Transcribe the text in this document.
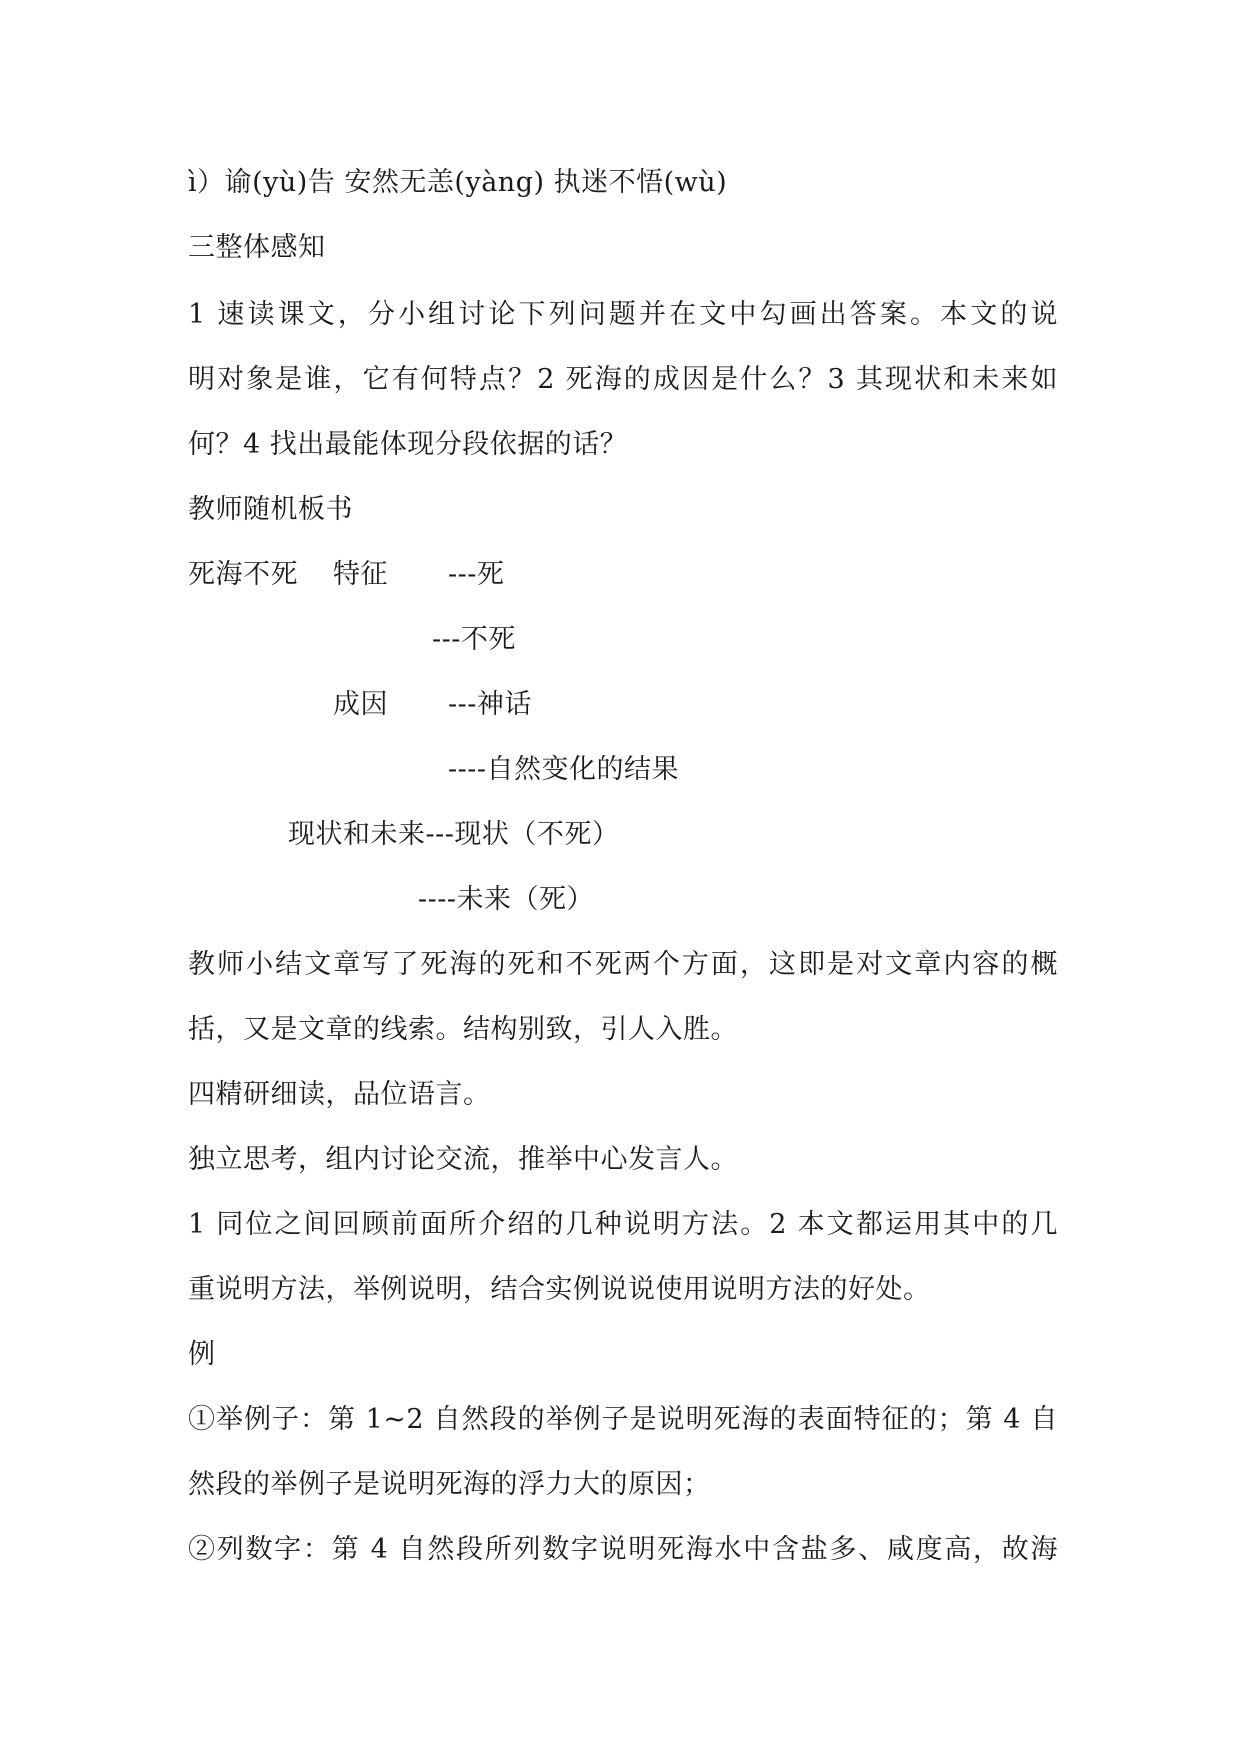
ì）谕(yù)告 安然无恙(yàng) 执迷不悟(wù)
三整体感知
1 速读课文，分小组讨论下列问题并在文中勾画出答案。本文的说
明对象是谁，它有何特点？2 死海的成因是什么？3 其现状和未来如
何？4 找出最能体现分段依据的话？
教师随机板书
死海不死 特征 ---死
---不死
成因 ---神话
----自然变化的结果
现状和未来---现状（不死）
----未来（死）
教师小结文章写了死海的死和不死两个方面，这即是对文章内容的概
括，又是文章的线索。结构别致，引人入胜。
四精研细读，品位语言。
独立思考，组内讨论交流，推举中心发言人。
1 同位之间回顾前面所介绍的几种说明方法。2 本文都运用其中的几
重说明方法，举例说明，结合实例说说使用说明方法的好处。
例
①举例子：第 1~2 自然段的举例子是说明死海的表面特征的；第 4 自
然段的举例子是说明死海的浮力大的原因；
②列数字：第 4 自然段所列数字说明死海水中含盐多、咸度高，故海
